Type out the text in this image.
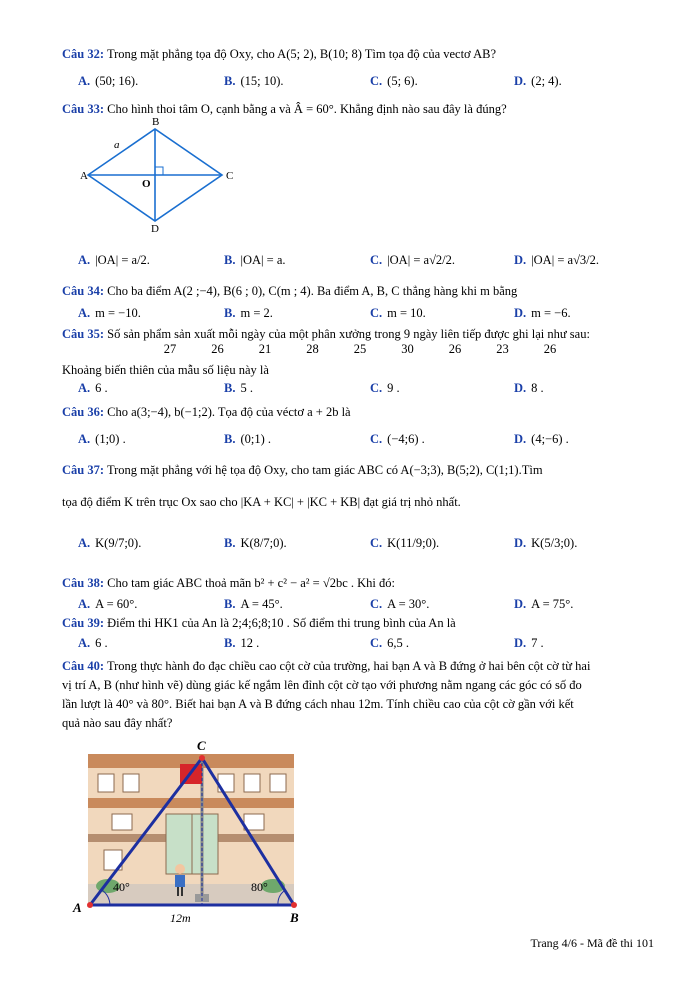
Câu 32: Trong mặt phẳng tọa độ Oxy, cho A(5; 2), B(10; 8) Tìm tọa độ của vectơ AB?
A. (50; 16).	B. (15; 10).	C. (5; 6).	D. (2; 4).
Câu 33: Cho hình thoi tâm O, cạnh bằng a và Â = 60°. Khẳng định nào sau đây là đúng?
B
A	C
D
O
a
A. |OA| = a/2.	B. |OA| = a.	C. |OA| = a√2/2.	D. |OA| = a√3/2.
Câu 34: Cho ba điểm A(2 ;−4), B(6 ; 0), C(m ; 4). Ba điểm A, B, C thẳng hàng khi m bằng
A. m = −10.	B. m = 2.	C. m = 10.	D. m = −6.
Câu 35: Số sản phẩm sản xuất mỗi ngày của một phân xưởng trong 9 ngày liên tiếp được ghi lại như sau:
27	26	21	28	25	30	26	23	26
Khoảng biến thiên của mẫu số liệu này là
A. 6 .	B. 5 .	C. 9 .	D. 8 .
Câu 36: Cho a(3;−4), b(−1;2). Tọa độ của véctơ a + 2b là
A. (1;0) .	B. (0;1) .	C. (−4;6) .	D. (4;−6) .
Câu 37: Trong mặt phẳng với hệ tọa độ Oxy, cho tam giác ABC có A(−3;3), B(5;2), C(1;1).Tìm
tọa độ điểm K trên trục Ox sao cho |KA + KC| + |KC + KB| đạt giá trị nhỏ nhất.
A. K(9/7;0).	B. K(8/7;0).	C. K(11/9;0).	D. K(5/3;0).
Câu 38: Cho tam giác ABC thoả mãn b² + c² − a² = √2bc . Khi đó:
A. A = 60°.	B. A = 45°.	C. A = 30°.	D. A = 75°.
Câu 39: Điểm thi HK1 của An là 2;4;6;8;10 . Số điểm thi trung bình của An là
A. 6 .	B. 12 .	C. 6,5 .	D. 7 .
Câu 40: Trong thực hành đo đạc chiều cao cột cờ của trường, hai bạn A và B đứng ở hai bên cột cờ từ hai
vị trí A, B (như hình vẽ) dùng giác kế ngắm lên đỉnh cột cờ tạo với phương nằm ngang các góc có số đo
lần lượt là 40° và 80°. Biết hai bạn A và B đứng cách nhau 12m. Tính chiều cao của cột cờ gần với kết
quả nào sau đây nhất?
C
A
B
40°	80°
12m
Trang 4/6 - Mã đề thi 101
